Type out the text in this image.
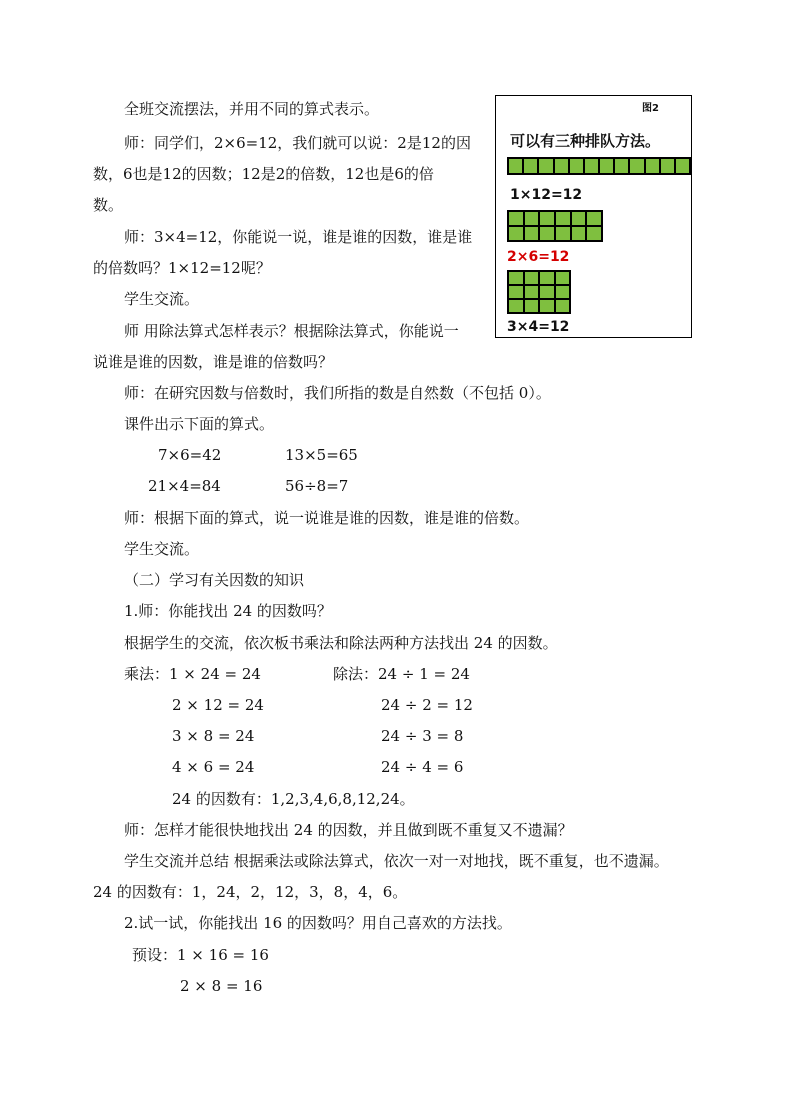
全班交流摆法，并用不同的算式表示。
师：同学们，2×6=12，我们就可以说：2是12的因
数，6也是12的因数；12是2的倍数，12也是6的倍
数。
师：3×4=12，你能说一说，谁是谁的因数，谁是谁
的倍数吗？1×12=12呢？
学生交流。
师 用除法算式怎样表示？根据除法算式，你能说一
说谁是谁的因数，谁是谁的倍数吗？
师：在研究因数与倍数时，我们所指的数是自然数（不包括 0）。
课件出示下面的算式。
7×6=42	13×5=65
21×4=84	56÷8=7
师：根据下面的算式，说一说谁是谁的因数，谁是谁的倍数。
学生交流。
（二）学习有关因数的知识
1.师：你能找出 24 的因数吗？
根据学生的交流，依次板书乘法和除法两种方法找出 24 的因数。
乘法：1 × 24 = 24	除法：24 ÷ 1 = 24
2 × 12 = 24	24 ÷ 2 = 12
3 × 8 = 24	24 ÷ 3 = 8
4 × 6 = 24	24 ÷ 4 = 6
24 的因数有：1,2,3,4,6,8,12,24。
师：怎样才能很快地找出 24 的因数，并且做到既不重复又不遗漏？
学生交流并总结 根据乘法或除法算式，依次一对一对地找，既不重复，也不遗漏。
24 的因数有：1，24，2，12，3，8，4，6。
2.试一试，你能找出 16 的因数吗？用自己喜欢的方法找。
预设：1 × 16 = 16
2 × 8 = 16
图2
可以有三种排队方法。
1×12=12
2×6=12
3×4=12
